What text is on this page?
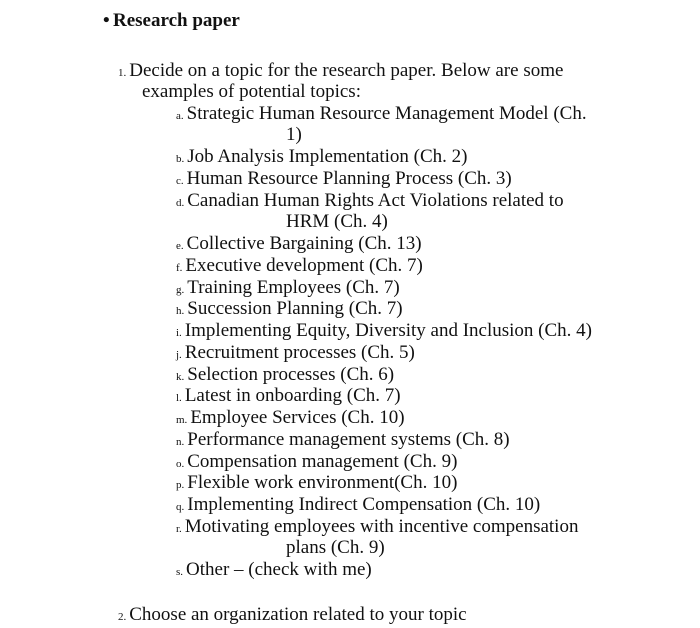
• Research paper
1. Decide on a topic for the research paper. Below are some
examples of potential topics:
a. Strategic Human Resource Management Model (Ch.
1)
b. Job Analysis Implementation (Ch. 2)
c. Human Resource Planning Process (Ch. 3)
d. Canadian Human Rights Act Violations related to
HRM (Ch. 4)
e. Collective Bargaining (Ch. 13)
f. Executive development (Ch. 7)
g. Training Employees (Ch. 7)
h. Succession Planning (Ch. 7)
i. Implementing Equity, Diversity and Inclusion (Ch. 4)
j. Recruitment processes (Ch. 5)
k. Selection processes (Ch. 6)
l. Latest in onboarding (Ch. 7)
m. Employee Services (Ch. 10)
n. Performance management systems (Ch. 8)
o. Compensation management (Ch. 9)
p. Flexible work environment(Ch. 10)
q. Implementing Indirect Compensation (Ch. 10)
r. Motivating employees with incentive compensation
plans (Ch. 9)
s. Other – (check with me)
2. Choose an organization related to your topic
